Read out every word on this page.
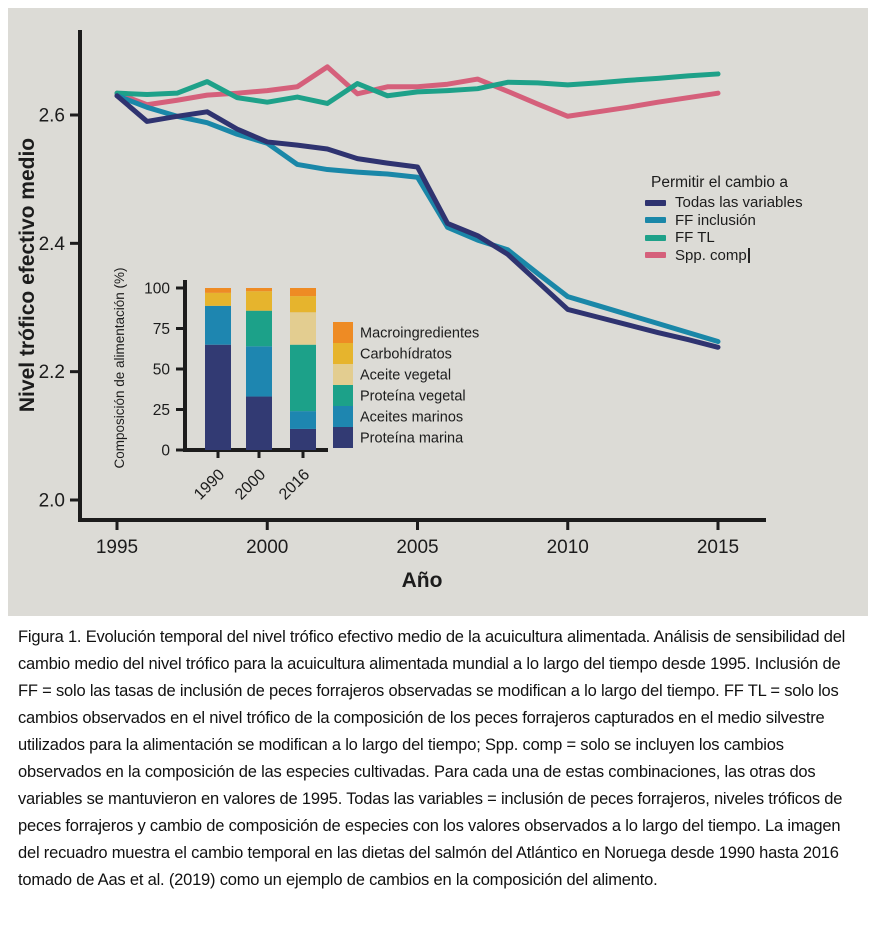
2.0
2.2
2.4
2.6
1995	2000	2005	2010	2015
Nivel trófico efectivo medio
Año
0
25
50
75
100
Composición de alimentación (%)
1990 2000 2016
Macroingredientes
Carbohídratos
Aceite vegetal
Proteína vegetal
Aceites marinos
Proteína marina
Permitir el cambio a
Todas las variables
FF inclusión
FF TL
Spp. comp
Figura 1. Evolución temporal del nivel trófico efectivo medio de la acuicultura alimentada. Análisis de sensibilidad del cambio medio del nivel trófico para la acuicultura alimentada mundial a lo largo del tiempo desde 1995. Inclusión de FF = solo las tasas de inclusión de peces forrajeros observadas se modifican a lo largo del tiempo. FF TL = solo los cambios observados en el nivel trófico de la composición de los peces forrajeros capturados en el medio silvestre utilizados para la alimentación se modifican a lo largo del tiempo; Spp. comp = solo se incluyen los cambios observados en la composición de las especies cultivadas. Para cada una de estas combinaciones, las otras dos variables se mantuvieron en valores de 1995. Todas las variables = inclusión de peces forrajeros, niveles tróficos de peces forrajeros y cambio de composición de especies con los valores observados a lo largo del tiempo. La imagen del recuadro muestra el cambio temporal en las dietas del salmón del Atlántico en Noruega desde 1990 hasta 2016 tomado de Aas et al. (2019) como un ejemplo de cambios en la composición del alimento.
